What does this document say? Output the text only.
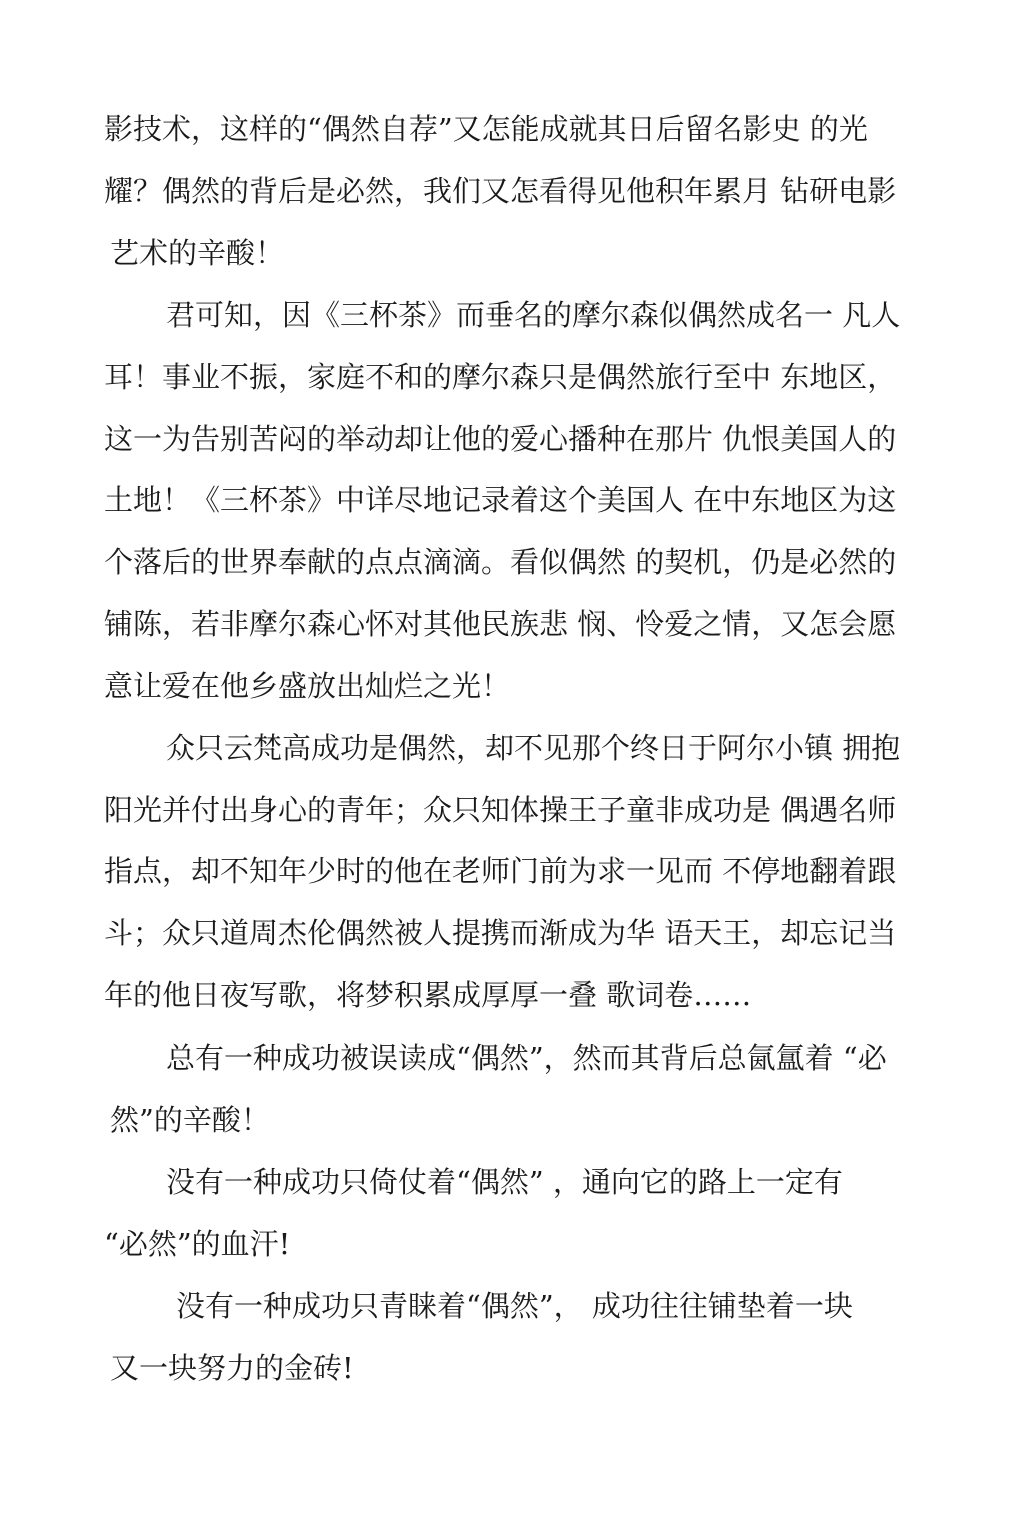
影技术，这样的“偶然自荐”又怎能成就其日后留名影史 的光
耀？偶然的背后是必然，我们又怎看得见他积年累月 钻研电影
艺术的辛酸！
君可知，因《三杯茶》而垂名的摩尔森似偶然成名一 凡人
耳！事业不振，家庭不和的摩尔森只是偶然旅行至中 东地区，
这一为告别苦闷的举动却让他的爱心播种在那片 仇恨美国人的
土地！《三杯茶》中详尽地记录着这个美国人 在中东地区为这
个落后的世界奉献的点点滴滴。看似偶然 的契机，仍是必然的
铺陈，若非摩尔森心怀对其他民族悲 悯、怜爱之情，又怎会愿
意让爱在他乡盛放出灿烂之光！
众只云梵高成功是偶然，却不见那个终日于阿尔小镇 拥抱
阳光并付出身心的青年；众只知体操王子童非成功是 偶遇名师
指点，却不知年少时的他在老师门前为求一见而 不停地翻着跟
斗；众只道周杰伦偶然被人提携而渐成为华 语天王，却忘记当
年的他日夜写歌，将梦积累成厚厚一叠 歌词卷……
总有一种成功被误读成“偶然”，然而其背后总氤氲着 “必
然”的辛酸！
没有一种成功只倚仗着“偶然” ，通向它的路上一定有
“必然”的血汗!
没有一种成功只青睐着“偶然”， 成功往往铺垫着一块
又一块努力的金砖!
